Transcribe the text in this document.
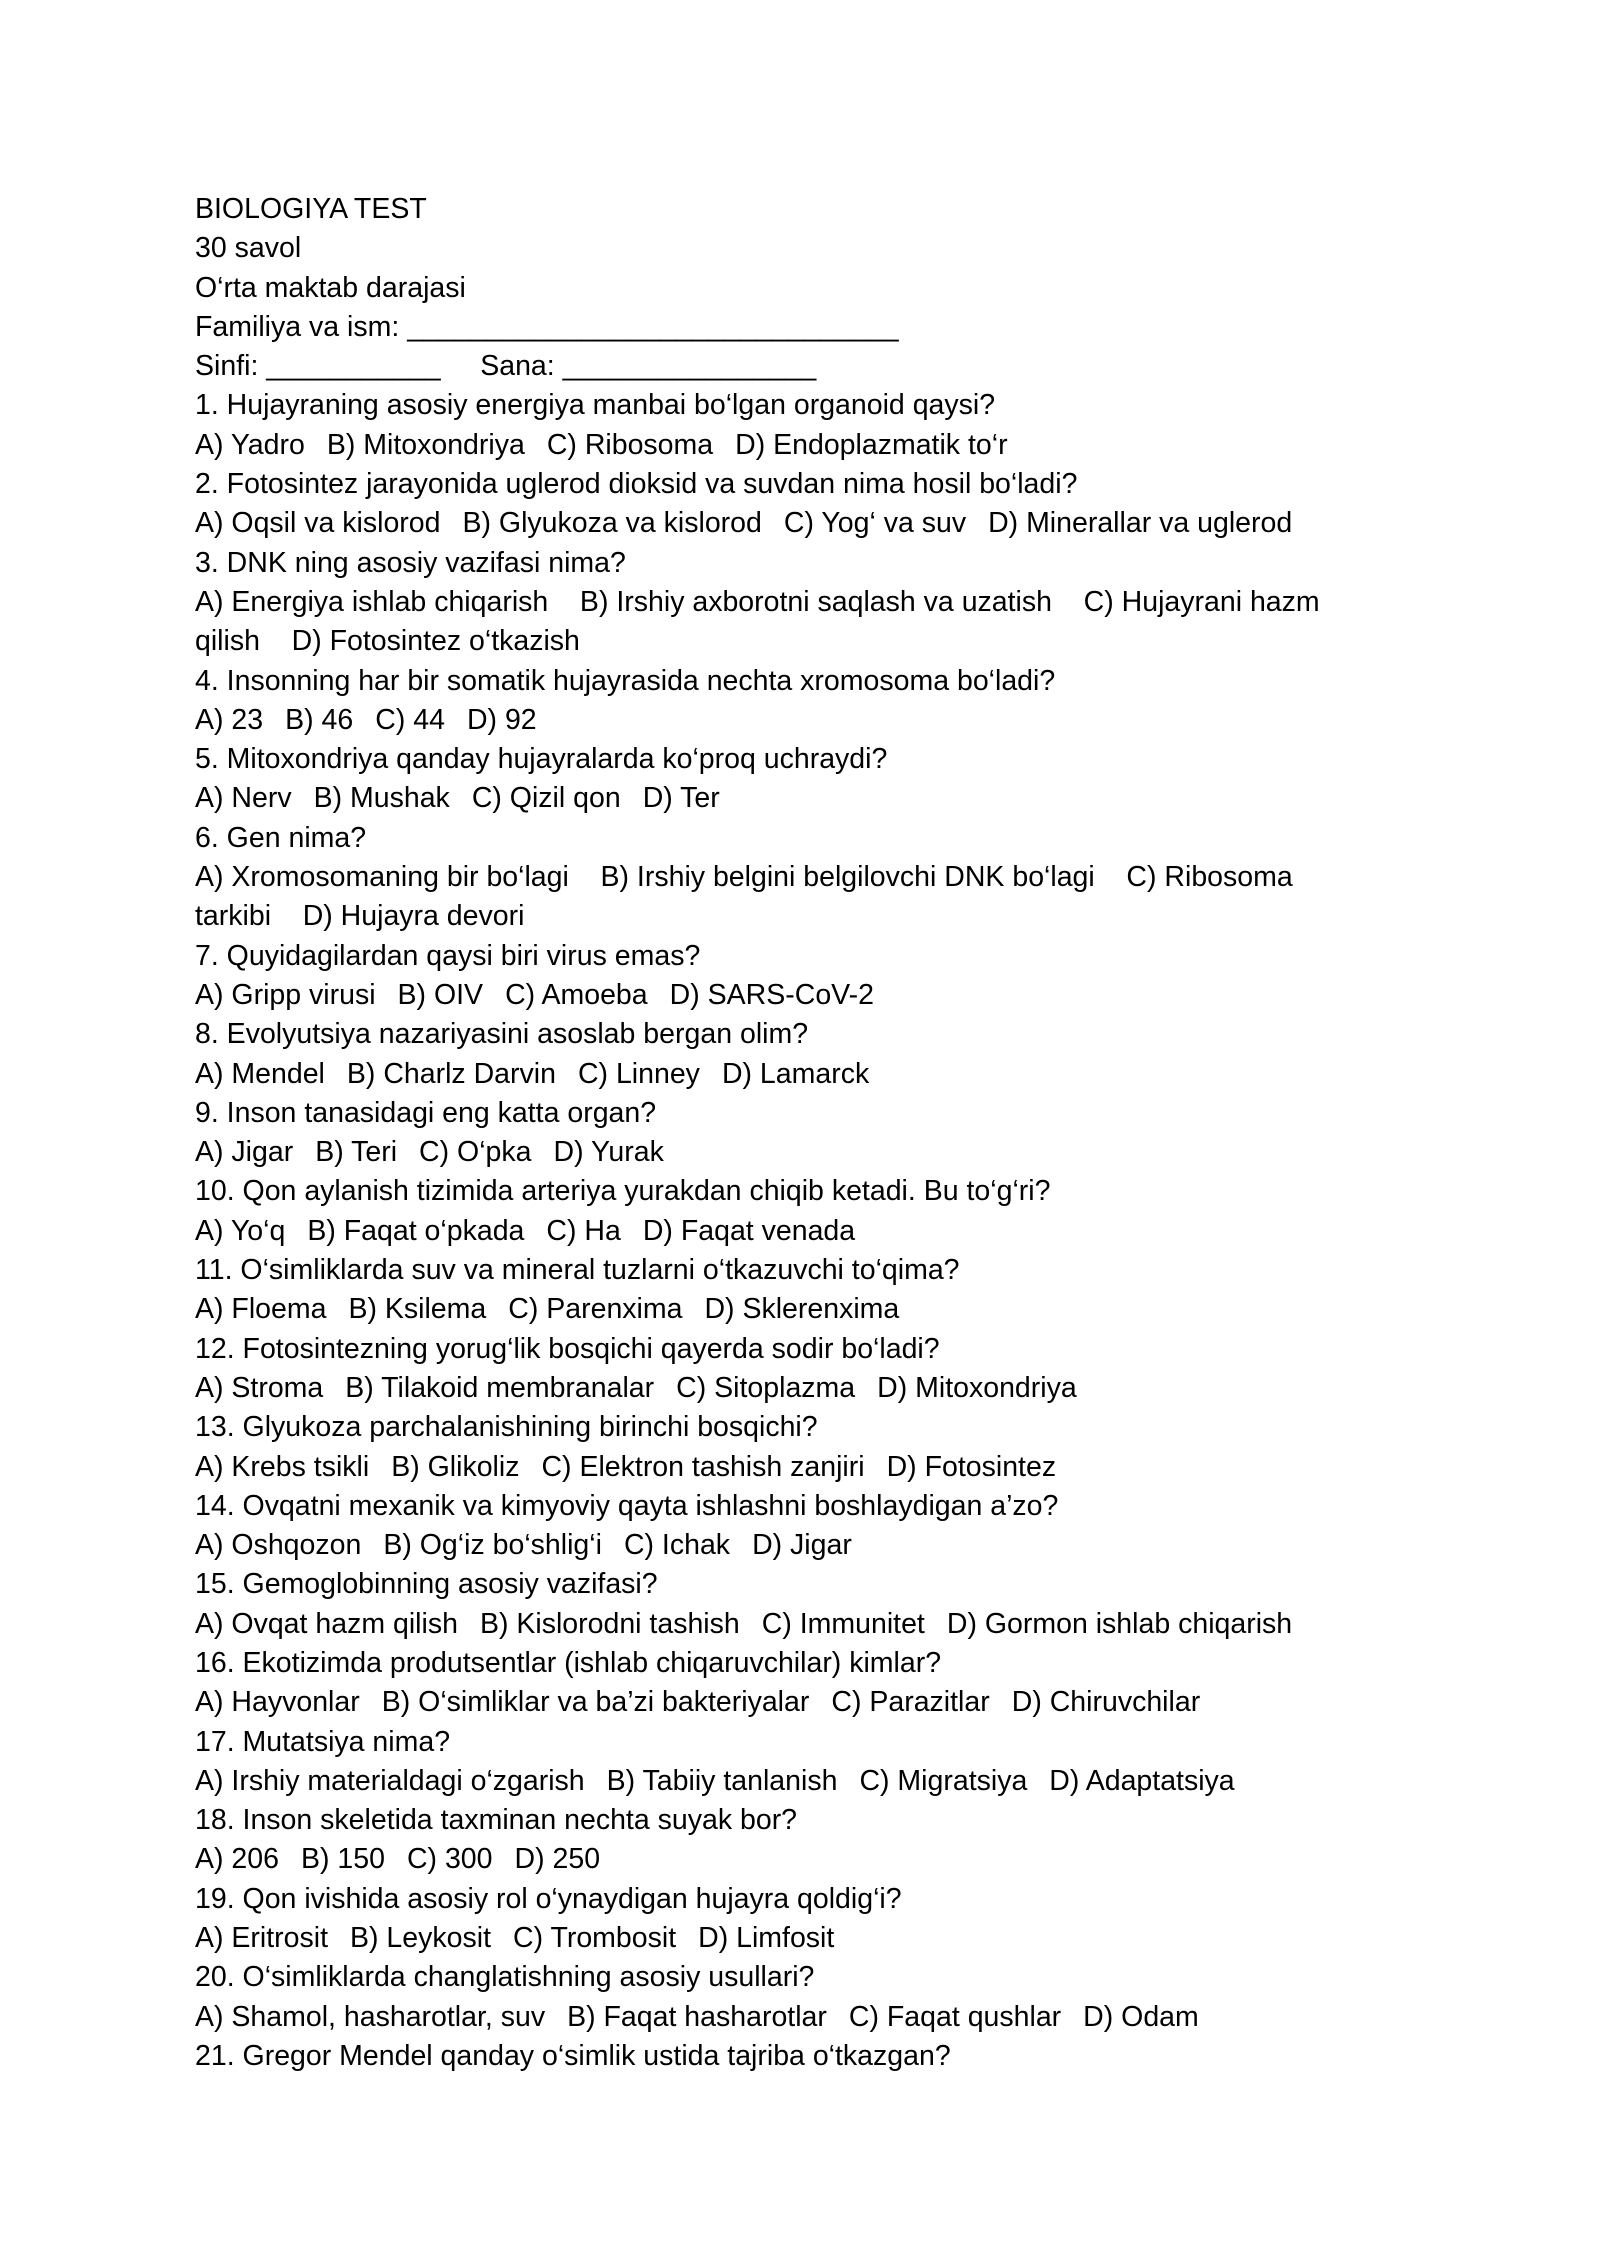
BIOLOGIYA TEST
30 savol
O‘rta maktab darajasi
Familiya va ism: _______________________________
Sinfi: ___________     Sana: ________________
1. Hujayraning asosiy energiya manbai bo‘lgan organoid qaysi?
A) Yadro B) Mitoxondriya C) Ribosoma D) Endoplazmatik to‘r
2. Fotosintez jarayonida uglerod dioksid va suvdan nima hosil bo‘ladi?
A) Oqsil va kislorod B) Glyukoza va kislorod C) Yog‘ va suv D) Minerallar va uglerod
3. DNK ning asosiy vazifasi nima?
A) Energiya ishlab chiqarish    B) Irshiy axborotni saqlash va uzatish    C) Hujayrani hazm
qilish    D) Fotosintez o‘tkazish
4. Insonning har bir somatik hujayrasida nechta xromosoma bo‘ladi?
A) 23 B) 46 C) 44 D) 92
5. Mitoxondriya qanday hujayralarda ko‘proq uchraydi?
A) Nerv B) Mushak C) Qizil qon D) Ter
6. Gen nima?
A) Xromosomaning bir bo‘lagi    B) Irshiy belgini belgilovchi DNK bo‘lagi    C) Ribosoma
tarkibi    D) Hujayra devori
7. Quyidagilardan qaysi biri virus emas?
A) Gripp virusi B) OIV C) Amoeba D) SARS-CoV-2
8. Evolyutsiya nazariyasini asoslab bergan olim?
A) Mendel B) Charlz Darvin C) Linney D) Lamarck
9. Inson tanasidagi eng katta organ?
A) Jigar B) Teri C) O‘pka D) Yurak
10. Qon aylanish tizimida arteriya yurakdan chiqib ketadi. Bu to‘g‘ri?
A) Yo‘q B) Faqat o‘pkada C) Ha D) Faqat venada
11. O‘simliklarda suv va mineral tuzlarni o‘tkazuvchi to‘qima?
A) Floema B) Ksilema C) Parenxima D) Sklerenxima
12. Fotosintezning yorug‘lik bosqichi qayerda sodir bo‘ladi?
A) Stroma B) Tilakoid membranalar C) Sitoplazma D) Mitoxondriya
13. Glyukoza parchalanishining birinchi bosqichi?
A) Krebs tsikli B) Glikoliz C) Elektron tashish zanjiri D) Fotosintez
14. Ovqatni mexanik va kimyoviy qayta ishlashni boshlaydigan a’zo?
A) Oshqozon B) Og‘iz bo‘shlig‘i C) Ichak D) Jigar
15. Gemoglobinning asosiy vazifasi?
A) Ovqat hazm qilish B) Kislorodni tashish C) Immunitet D) Gormon ishlab chiqarish
16. Ekotizimda produtsentlar (ishlab chiqaruvchilar) kimlar?
A) Hayvonlar B) O‘simliklar va ba’zi bakteriyalar C) Parazitlar D) Chiruvchilar
17. Mutatsiya nima?
A) Irshiy materialdagi o‘zgarish B) Tabiiy tanlanish C) Migratsiya D) Adaptatsiya
18. Inson skeletida taxminan nechta suyak bor?
A) 206 B) 150 C) 300 D) 250
19. Qon ivishida asosiy rol o‘ynaydigan hujayra qoldig‘i?
A) Eritrosit B) Leykosit C) Trombosit D) Limfosit
20. O‘simliklarda changlatishning asosiy usullari?
A) Shamol, hasharotlar, suv B) Faqat hasharotlar C) Faqat qushlar D) Odam
21. Gregor Mendel qanday o‘simlik ustida tajriba o‘tkazgan?
